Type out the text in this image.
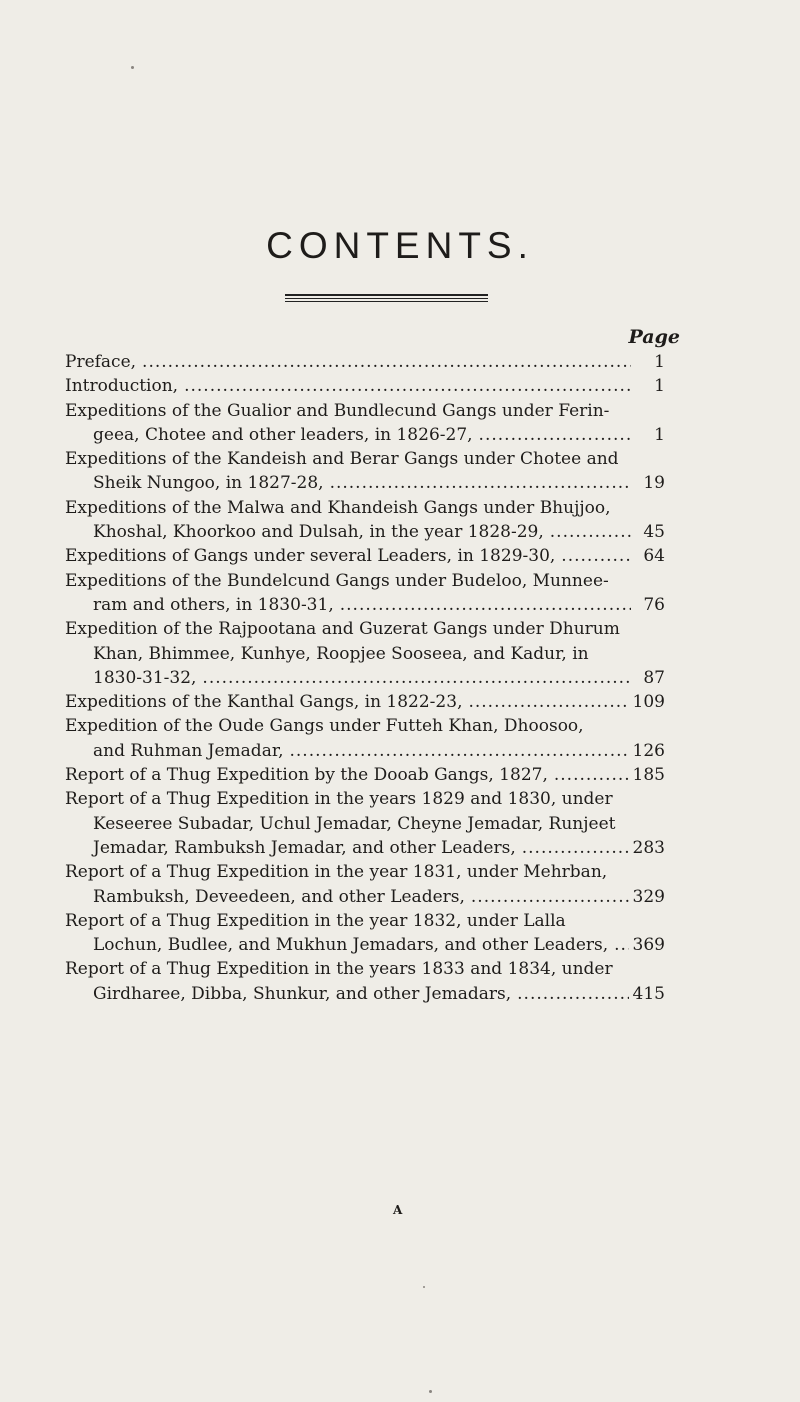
CONTENTS.
Page
Preface, .....	1
Introduction, .....	1
Expeditions of the Gualior and Bundlecund Gangs under Ferin-
geea, Chotee and other leaders, in 1826-27, .....	1
Expeditions of the Kandeish and Berar Gangs under Chotee and
Sheik Nungoo, in 1827-28, .....	19
Expeditions of the Malwa and Khandeish Gangs under Bhujjoo,
Khoshal, Khoorkoo and Dulsah, in the year 1828-29, .....	45
Expeditions of Gangs under several Leaders, in 1829-30, .....	64
Expeditions of the Bundelcund Gangs under Budeloo, Munnee-
ram and others, in 1830-31, .....	76
Expedition of the Rajpootana and Guzerat Gangs under Dhurum
Khan, Bhimmee, Kunhye, Roopjee Sooseea, and Kadur, in
1830-31-32, .....	87
Expeditions of the Kanthal Gangs, in 1822-23, .....	109
Expedition of the Oude Gangs under Futteh Khan, Dhoosoo,
and Ruhman Jemadar, .....	126
Report of a Thug Expedition by the Dooab Gangs, 1827, .....	185
Report of a Thug Expedition in the years 1829 and 1830, under
Keseeree Subadar, Uchul Jemadar, Cheyne Jemadar, Runjeet
Jemadar, Rambuksh Jemadar, and other Leaders, .....	283
Report of a Thug Expedition in the year 1831, under Mehrban,
Rambuksh, Deveedeen, and other Leaders, .....	329
Report of a Thug Expedition in the year 1832, under Lalla
Lochun, Budlee, and Mukhun Jemadars, and other Leaders, ..... 369
Report of a Thug Expedition in the years 1833 and 1834, under
Girdharee, Dibba, Shunkur, and other Jemadars, .....	415
A
